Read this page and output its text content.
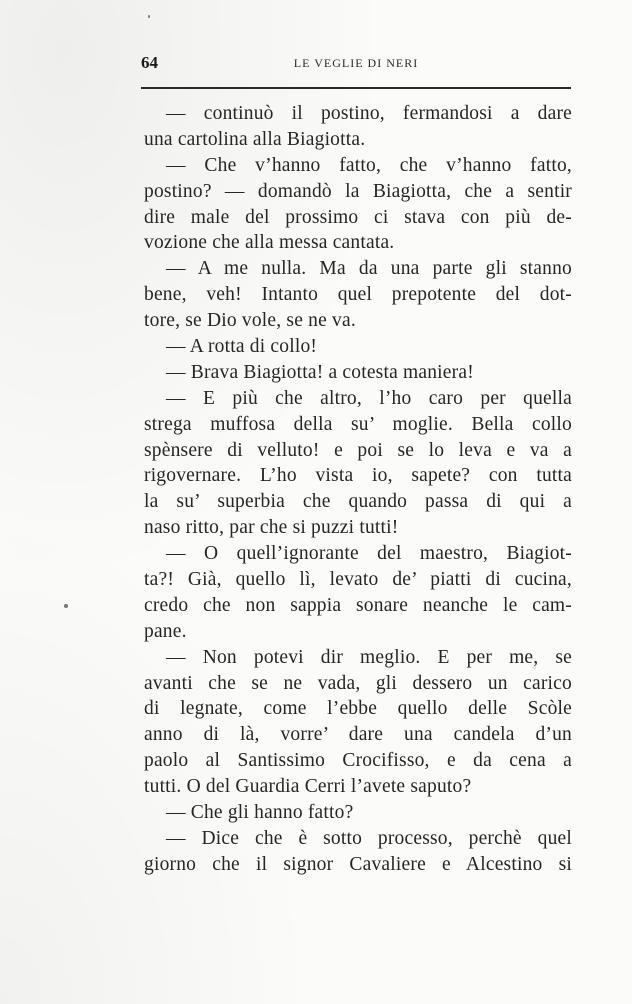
64	LE VEGLIE DI NERI
— continuò il postino, fermandosi a dare
una cartolina alla Biagiotta.
— Che v’hanno fatto, che v’hanno fatto,
postino? — domandò la Biagiotta, che a sentir
dire male del prossimo ci stava con più de-
vozione che alla messa cantata.
— A me nulla. Ma da una parte gli stanno
bene, veh! Intanto quel prepotente del dot-
tore, se Dio vole, se ne va.
— A rotta di collo!
— Brava Biagiotta! a cotesta maniera!
— E più che altro, l’ho caro per quella
strega muffosa della su’ moglie. Bella collo
spènsere di velluto! e poi se lo leva e va a
rigovernare. L’ho vista io, sapete? con tutta
la su’ superbia che quando passa di qui a
naso ritto, par che si puzzi tutti!
— O quell’ignorante del maestro, Biagiot-
ta?! Già, quello lì, levato de’ piatti di cucina,
credo che non sappia sonare neanche le cam-
pane.
— Non potevi dir meglio. E per me, se
avanti che se ne vada, gli dessero un carico
di legnate, come l’ebbe quello delle Scòle
anno di là, vorre’ dare una candela d’un
paolo al Santissimo Crocifisso, e da cena a
tutti. O del Guardia Cerri l’avete saputo?
— Che gli hanno fatto?
— Dice che è sotto processo, perchè quel
giorno che il signor Cavaliere e Alcestino si
